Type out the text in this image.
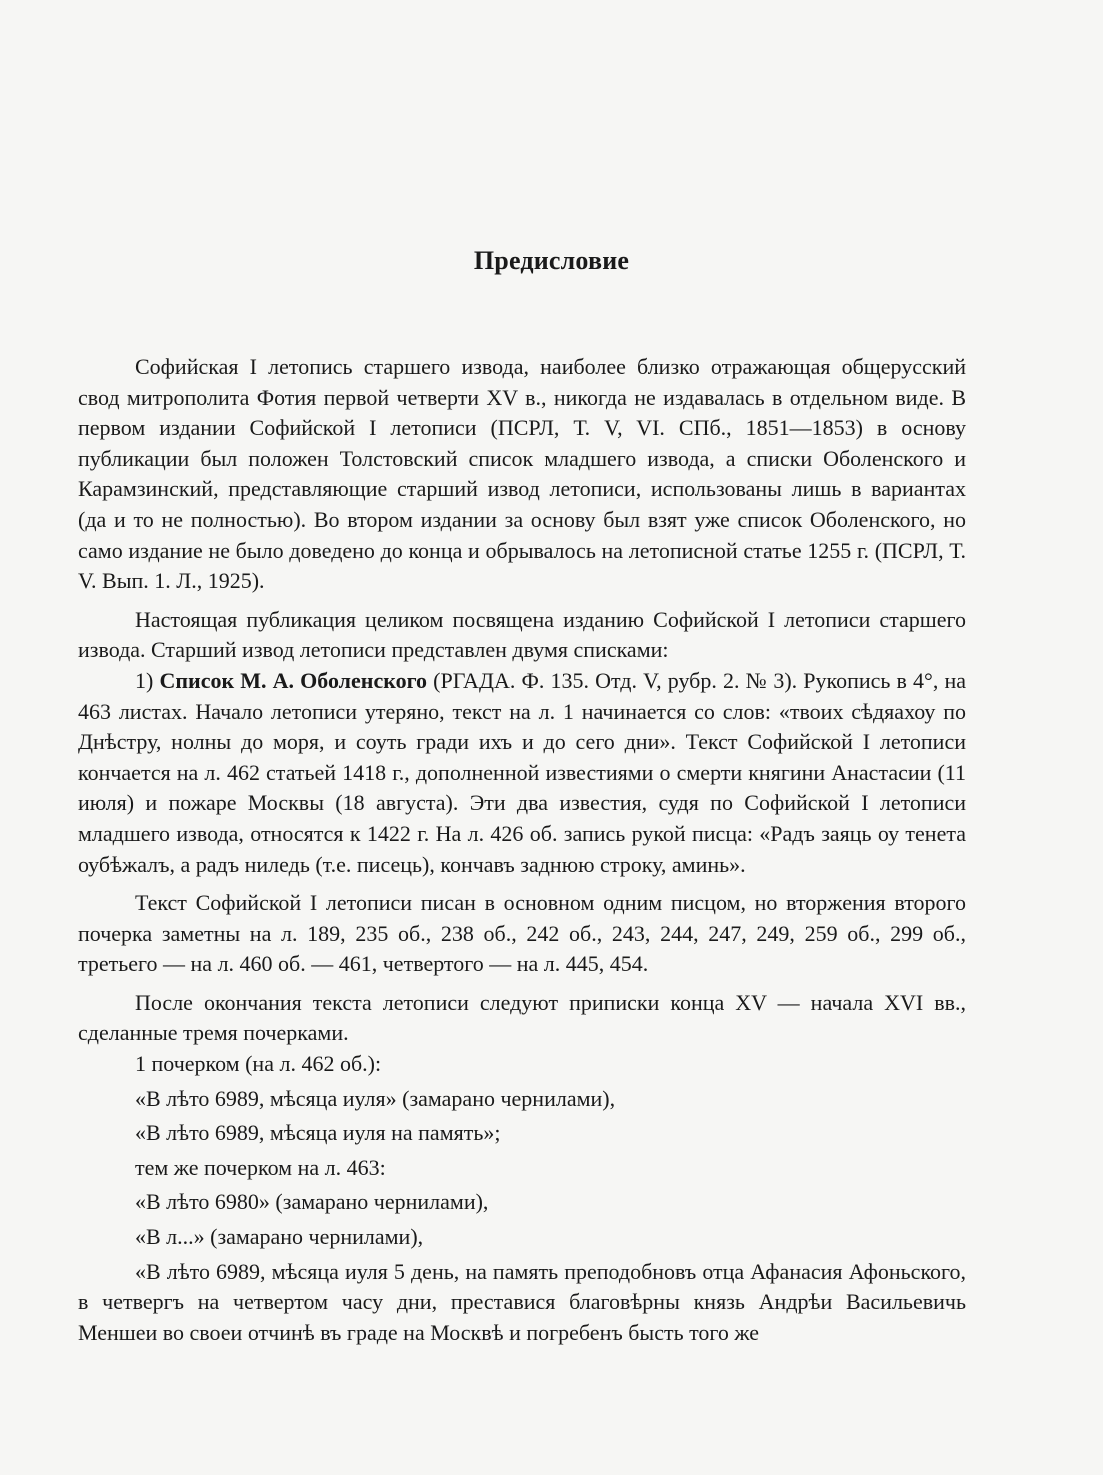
Предисловие

Софийская I летопись старшего извода, наиболее близко отражающая общерусский свод митрополита Фотия первой четверти XV в., никогда не издавалась в отдельном виде. В первом издании Софийской I летописи (ПСРЛ, Т. V, VI. СПб., 1851—1853) в основу публикации был положен Толстовский список младшего извода, а списки Оболенского и Карамзинский, представляющие старший извод летописи, использованы лишь в вариантах (да и то не полностью). Во втором издании за основу был взят уже список Оболенского, но само издание не было доведено до конца и обрывалось на летописной статье 1255 г. (ПСРЛ, Т. V. Вып. 1. Л., 1925).

Настоящая публикация целиком посвящена изданию Софийской I летописи старшего извода. Старший извод летописи представлен двумя списками:

1) Список М. А. Оболенского (РГАДА. Ф. 135. Отд. V, рубр. 2. № 3). Рукопись в 4°, на 463 листах. Начало летописи утеряно, текст на л. 1 начинается со слов: «твоих сѣдяахоу по Днѣстру, нолны до моря, и соуть гради ихъ и до сего дни». Текст Софийской I летописи кончается на л. 462 статьей 1418 г., дополненной известиями о смерти княгини Анастасии (11 июля) и пожаре Москвы (18 августа). Эти два известия, судя по Софийской I летописи младшего извода, относятся к 1422 г. На л. 426 об. запись рукой писца: «Радъ заяць оу тенета оубѣжалъ, а радъ ниледь (т.е. писець), кончавъ заднюю строку, аминь».

Текст Софийской I летописи писан в основном одним писцом, но вторжения второго почерка заметны на л. 189, 235 об., 238 об., 242 об., 243, 244, 247, 249, 259 об., 299 об., третьего — на л. 460 об. — 461, четвертого — на л. 445, 454.

После окончания текста летописи следуют приписки конца XV — начала XVI вв., сделанные тремя почерками.

1 почерком (на л. 462 об.):

«В лѣто 6989, мѣсяца иуля» (замарано чернилами),

«В лѣто 6989, мѣсяца иуля на память»;

тем же почерком на л. 463:

«В лѣто 6980» (замарано чернилами),

«В л...» (замарано чернилами),

«В лѣто 6989, мѣсяца иуля 5 день, на память преподобновъ отца Афанасия Афоньского, в четвергъ на четвертом часу дни, преставися благовѣрны князь Андрѣи Васильевичь Меншеи во своеи отчинѣ въ граде на Москвѣ и погребенъ бысть того же
